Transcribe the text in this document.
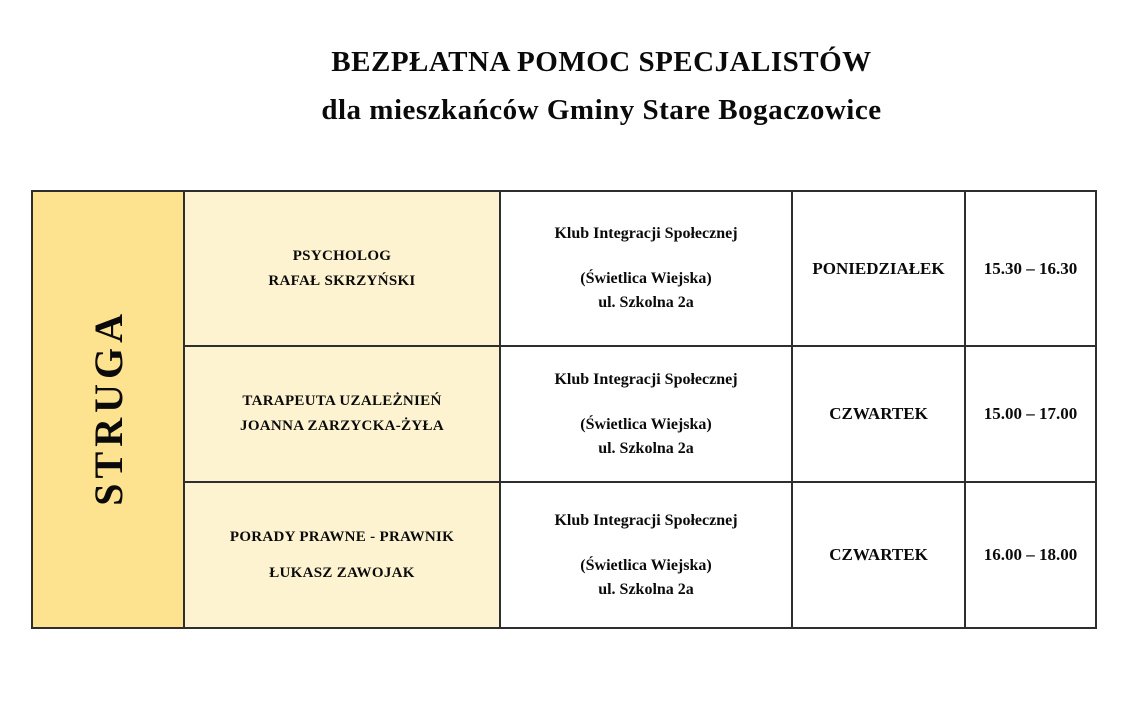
BEZPŁATNA POMOC SPECJALISTÓW
dla mieszkańców Gminy Stare Bogaczowice
STRUGA	
PSYCHOLOG
RAFAŁ SKRZYŃSKI

Klub Integracji Społecznej
(Świetlica Wiejska)
ul. Szkolna 2a
	PONIEDZIAŁEK	15.30 – 16.30

TARAPEUTA UZALEŻNIEŃ
JOANNA ZARZYCKA-ŻYŁA

Klub Integracji Społecznej
(Świetlica Wiejska)
ul. Szkolna 2a
	CZWARTEK	15.00 – 17.00

PORADY PRAWNE - PRAWNIK
ŁUKASZ ZAWOJAK

Klub Integracji Społecznej
(Świetlica Wiejska)
ul. Szkolna 2a
	CZWARTEK	16.00 – 18.00
